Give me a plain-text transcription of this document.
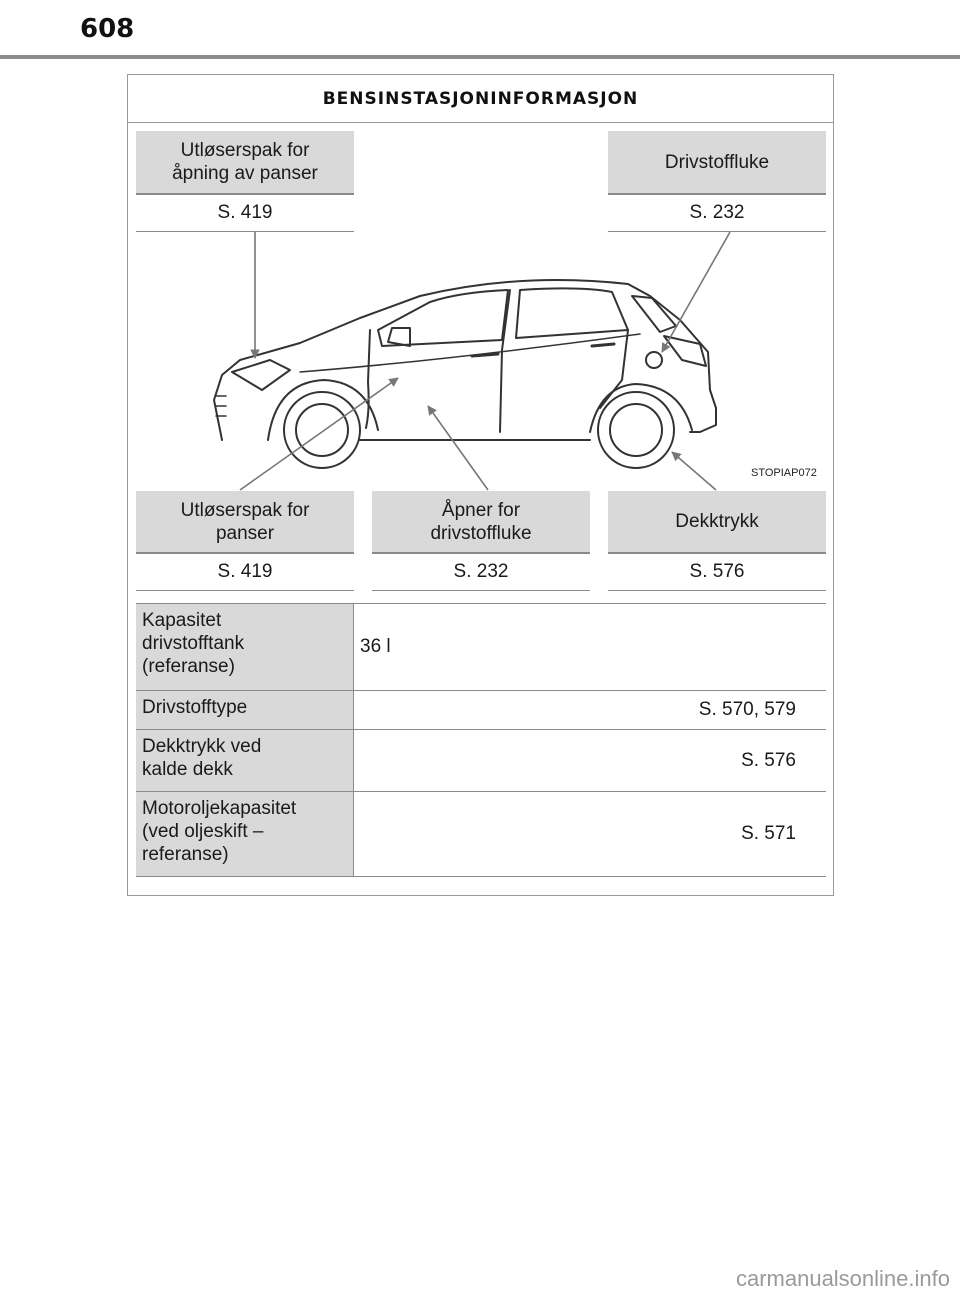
608
BENSINSTASJONINFORMASJON
Utløserspak for
åpning av panser
S. 419
Drivstoffluke
S. 232
STOPIAP072
Utløserspak for
panser
S. 419
Åpner for
drivstoffluke
S. 232
Dekktrykk
S. 576
Kapasitet
drivstofftank
(referanse)
36 l
Drivstofftype	S. 570, 579
Dekktrykk ved
kalde dekk	S. 576
Motoroljekapasitet
(ved oljeskift –
referanse)
S. 571
carmanualsonline.info
